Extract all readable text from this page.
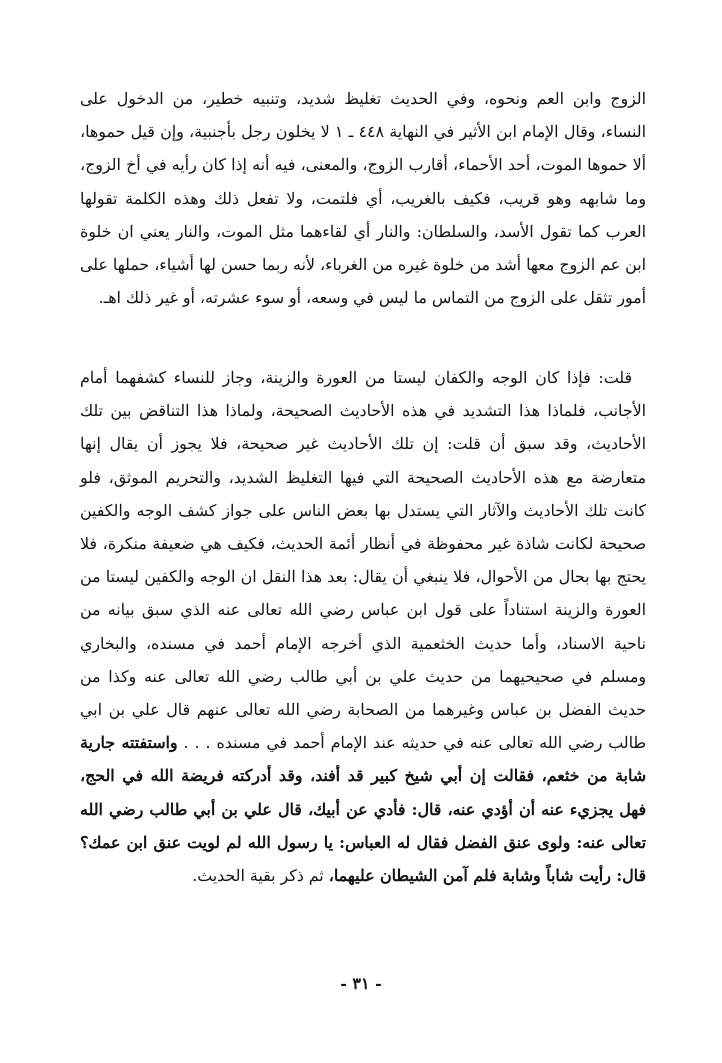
الزوج وابن العم ونحوه، وفي الحديث تغليظ شديد، وتنبيه خطير، من الدخول على النساء، وقال الإمام ابن الأثير في النهاية ٤٤٨ ـ ١ لا يخلون رجل بأجنبية، وإن قيل حموها، ألا حموها الموت، أحد الأحماء، أقارب الزوج، والمعنى، فيه أنه إذا كان رأيه في أخ الزوج، وما شابهه وهو قريب، فكيف بالغريب، أي فلتمت، ولا تفعل ذلك وهذه الكلمة تقولها العرب كما تقول الأسد، والسلطان: والنار أي لقاءهما مثل الموت، والنار يعني ان خلوة ابن عم الزوج معها أشد من خلوة غيره من الغرباء، لأنه ربما حسن لها أشياء، حملها على أمور تثقل على الزوج من التماس ما ليس في وسعه، أو سوء عشرته، أو غير ذلك اهـ.

قلت: فإذا كان الوجه والكفان ليستا من العورة والزينة، وجاز للنساء كشفهما أمام الأجانب، فلماذا هذا التشديد في هذه الأحاديث الصحيحة، ولماذا هذا التناقض بين تلك الأحاديث، وقد سبق أن قلت: إن تلك الأحاديث غير صحيحة، فلا يجوز أن يقال إنها متعارضة مع هذه الأحاديث الصحيحة التي فيها التغليظ الشديد، والتحريم الموثق، فلو كانت تلك الأحاديث والآثار التي يستدل بها بعض الناس على جواز كشف الوجه والكفين صحيحة لكانت شاذة غير محفوظة في أنظار أئمة الحديث، فكيف هي ضعيفة منكرة، فلا يحتج بها بحال من الأحوال، فلا ينبغي أن يقال: بعد هذا النقل ان الوجه والكفين ليستا من العورة والزينة استناداً على قول ابن عباس رضي الله تعالى عنه الذي سبق بيانه من ناحية الاسناد، وأما حديث الخثعمية الذي أخرجه الإمام أحمد في مسنده، والبخاري ومسلم في صحيحيهما من حديث علي بن أبي طالب رضي الله تعالى عنه وكذا من حديث الفضل بن عباس وغيرهما من الصحابة رضي الله تعالى عنهم قال علي بن ابي طالب رضي الله تعالى عنه في حديثه عند الإمام أحمد في مسنده . . . واستفتته جارية شابة من خثعم، فقالت إن أبي شيخ كبير قد أفند، وقد أدركته فريضة الله في الحج، فهل يجزيء عنه أن أؤدي عنه، قال: فأدي عن أبيك، قال علي بن أبي طالب رضي الله تعالى عنه: ولوى عنق الفضل فقال له العباس: يا رسول الله لم لويت عنق ابن عمك؟ قال: رأيت شاباً وشابة فلم آمن الشيطان عليهما، ثم ذكر بقية الحديث.

- ٣١ -
